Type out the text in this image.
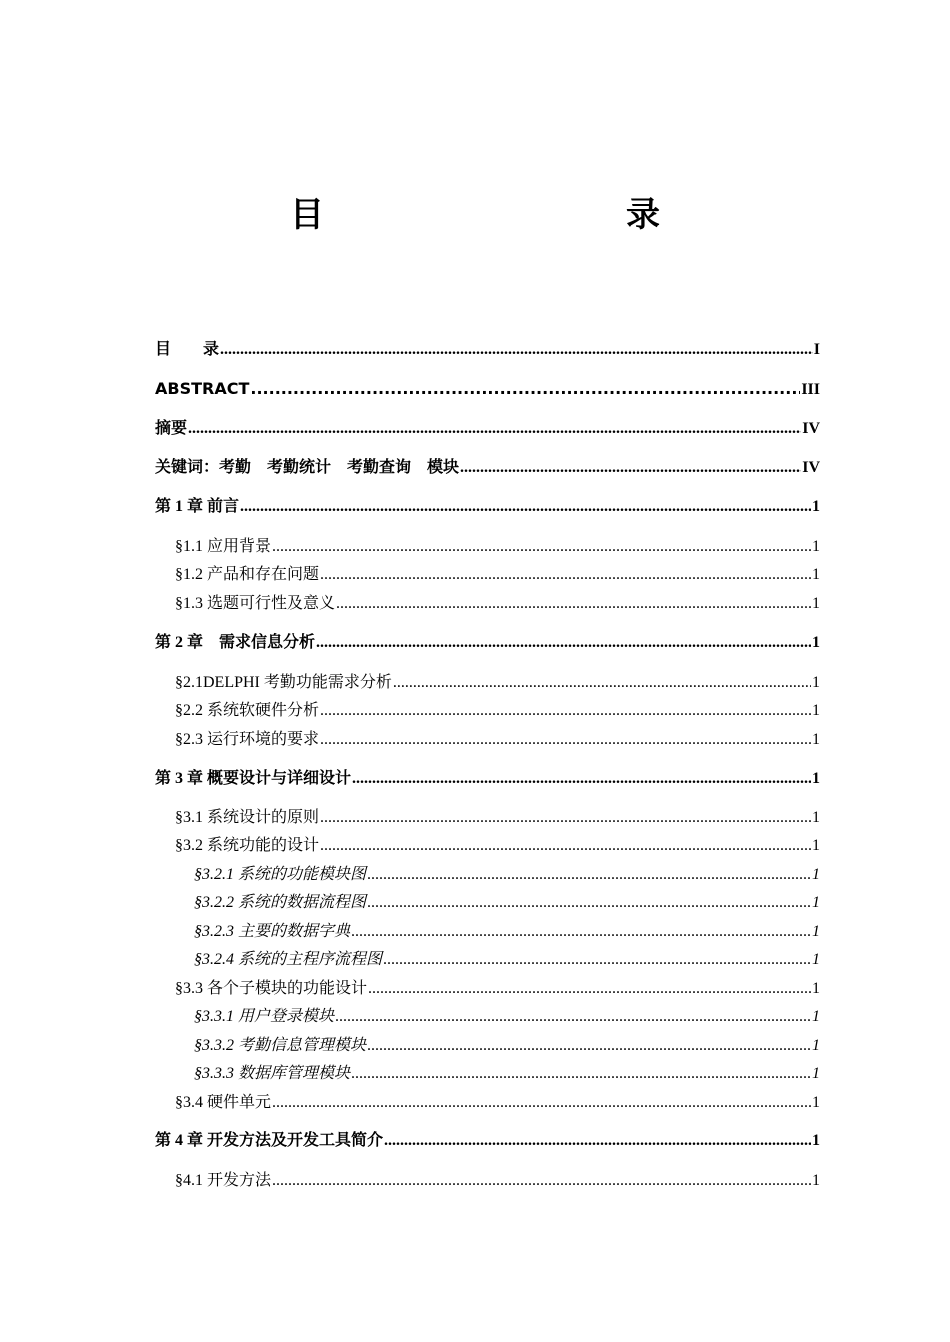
目　　录
目　　录 .....	I
ABSTRACT .....	III
摘要 .....	IV
关键词：考勤　考勤统计　考勤查询　模块 .....	IV
第 1 章 前言 .....	1
§1.1 应用背景 .....	1
§1.2 产品和存在问题 .....	1
§1.3 选题可行性及意义 .....	1
第 2 章　需求信息分析 .....	1
§2.1DELPHI 考勤功能需求分析 .....	1
§2.2 系统软硬件分析 .....	1
§2.3 运行环境的要求 .....	1
第 3 章 概要设计与详细设计 .....	1
§3.1 系统设计的原则 .....	1
§3.2 系统功能的设计 .....	1
§3.2.1 系统的功能模块图 .....	1
§3.2.2 系统的数据流程图 .....	1
§3.2.3 主要的数据字典 .....	1
§3.2.4 系统的主程序流程图 .....	1
§3.3 各个子模块的功能设计 .....	1
§3.3.1 用户登录模块 .....	1
§3.3.2 考勤信息管理模块 .....	1
§3.3.3 数据库管理模块 .....	1
§3.4 硬件单元 .....	1
第 4 章 开发方法及开发工具简介 .....	1
§4.1 开发方法 .....	1
